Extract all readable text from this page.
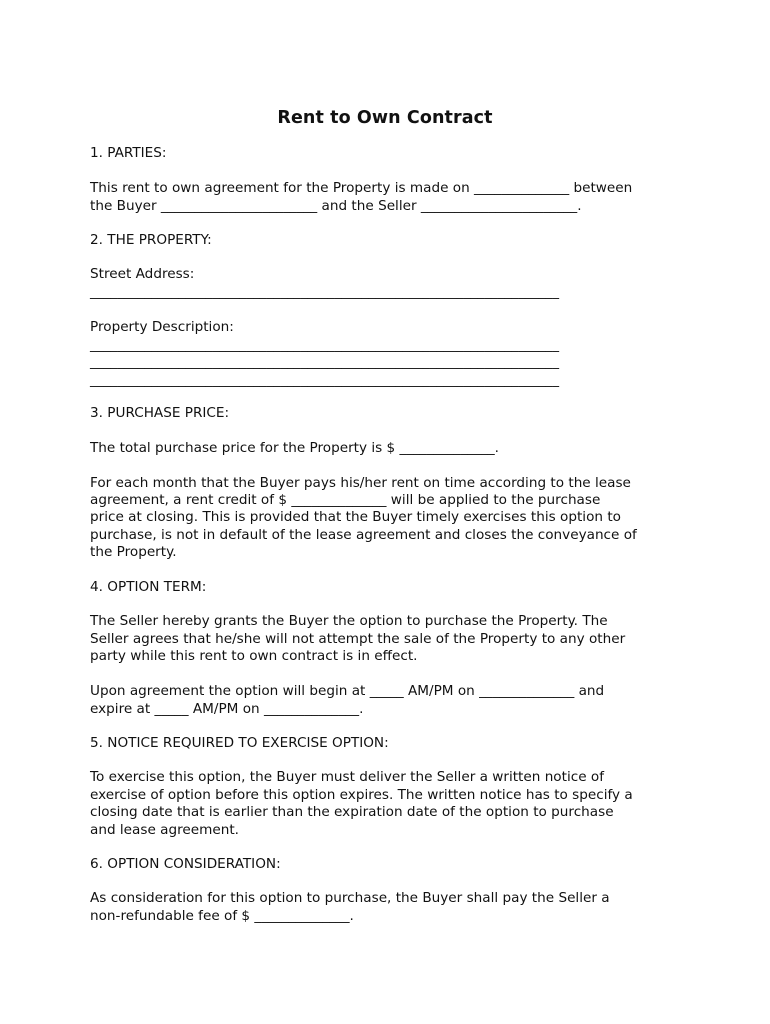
Rent to Own Contract
1. PARTIES:
This rent to own agreement for the Property is made on ______________ between
the Buyer _______________________ and the Seller _______________________.
2. THE PROPERTY:
Street Address:
_____________________________________________________________________
Property Description:
_____________________________________________________________________
_____________________________________________________________________
_____________________________________________________________________
3. PURCHASE PRICE:
The total purchase price for the Property is $ ______________.
For each month that the Buyer pays his/her rent on time according to the lease
agreement, a rent credit of $ ______________ will be applied to the purchase
price at closing. This is provided that the Buyer timely exercises this option to
purchase, is not in default of the lease agreement and closes the conveyance of
the Property.
4. OPTION TERM:
The Seller hereby grants the Buyer the option to purchase the Property. The
Seller agrees that he/she will not attempt the sale of the Property to any other
party while this rent to own contract is in effect.
Upon agreement the option will begin at _____ AM/PM on ______________ and
expire at _____ AM/PM on ______________.
5. NOTICE REQUIRED TO EXERCISE OPTION:
To exercise this option, the Buyer must deliver the Seller a written notice of
exercise of option before this option expires. The written notice has to specify a
closing date that is earlier than the expiration date of the option to purchase
and lease agreement.
6. OPTION CONSIDERATION:
As consideration for this option to purchase, the Buyer shall pay the Seller a
non-refundable fee of $ ______________.
